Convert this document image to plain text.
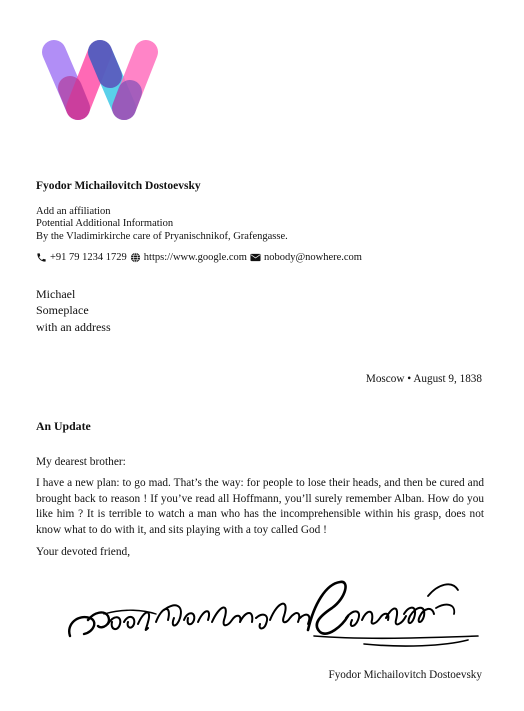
Fyodor Michailovitch Dostoevsky
Add an affiliation
Potential Additional Information
By the Vladimirkirche care of Pryanischnikof, Grafengasse.
+91 79 1234 1729 https://www.google.com nobody@nowhere.com
Michael
Someplace
with an address
Moscow • August 9, 1838
An Update
My dearest brother:
I have a new plan: to go mad. That’s the way: for people to lose their heads, and then be cured and brought back to reason ! If you’ve read all Hoffmann, you’ll surely remember Alban. How do you like him ? It is terrible to watch a man who has the incomprehensible within his grasp, does not know what to do with it, and sits playing with a toy called God !
Your devoted friend,
Fyodor Michailovitch Dostoevsky
